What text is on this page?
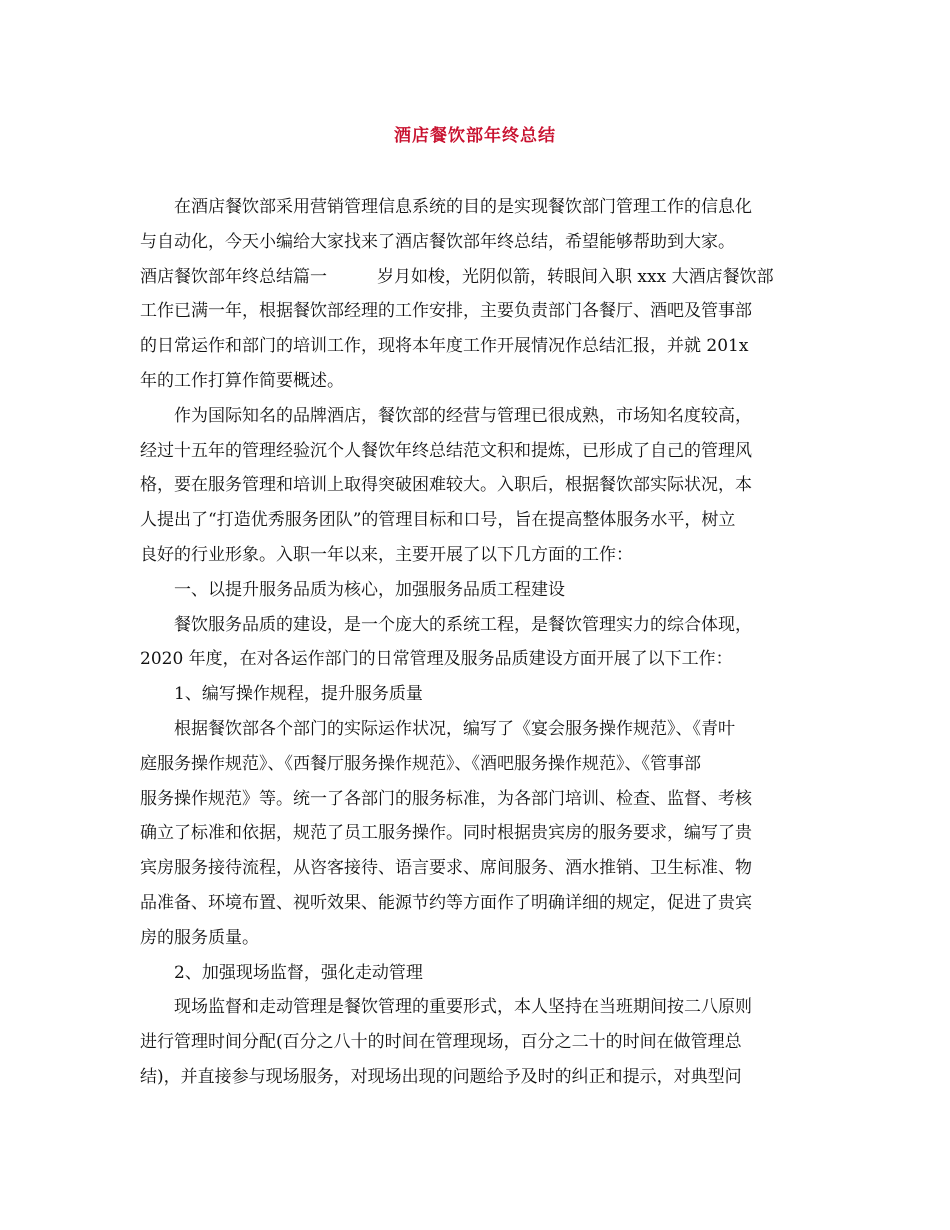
酒店餐饮部年终总结
在酒店餐饮部采用营销管理信息系统的目的是实现餐饮部门管理工作的信息化
与自动化，今天小编给大家找来了酒店餐饮部年终总结，希望能够帮助到大家。
酒店餐饮部年终总结篇一	岁月如梭，光阴似箭，转眼间入职 xxx 大酒店餐饮部
工作已满一年，根据餐饮部经理的工作安排，主要负责部门各餐厅、酒吧及管事部
的日常运作和部门的培训工作，现将本年度工作开展情况作总结汇报，并就 201x
年的工作打算作简要概述。
作为国际知名的品牌酒店，餐饮部的经营与管理已很成熟，市场知名度较高，
经过十五年的管理经验沉个人餐饮年终总结范文积和提炼，已形成了自己的管理风
格，要在服务管理和培训上取得突破困难较大。入职后，根据餐饮部实际状况，本
人提出了“打造优秀服务团队”的管理目标和口号，旨在提高整体服务水平，树立
良好的行业形象。入职一年以来，主要开展了以下几方面的工作：
一、以提升服务品质为核心，加强服务品质工程建设
餐饮服务品质的建设，是一个庞大的系统工程，是餐饮管理实力的综合体现，
2020 年度，在对各运作部门的日常管理及服务品质建设方面开展了以下工作：
1、编写操作规程，提升服务质量
根据餐饮部各个部门的实际运作状况，编写了《宴会服务操作规范》、《青叶
庭服务操作规范》、《西餐厅服务操作规范》、《酒吧服务操作规范》、《管事部
服务操作规范》等。统一了各部门的服务标准，为各部门培训、检查、监督、考核
确立了标准和依据，规范了员工服务操作。同时根据贵宾房的服务要求，编写了贵
宾房服务接待流程，从咨客接待、语言要求、席间服务、酒水推销、卫生标准、物
品准备、环境布置、视听效果、能源节约等方面作了明确详细的规定，促进了贵宾
房的服务质量。
2、加强现场监督，强化走动管理
现场监督和走动管理是餐饮管理的重要形式，本人坚持在当班期间按二八原则
进行管理时间分配(百分之八十的时间在管理现场，百分之二十的时间在做管理总
结)，并直接参与现场服务，对现场出现的问题给予及时的纠正和提示，对典型问
